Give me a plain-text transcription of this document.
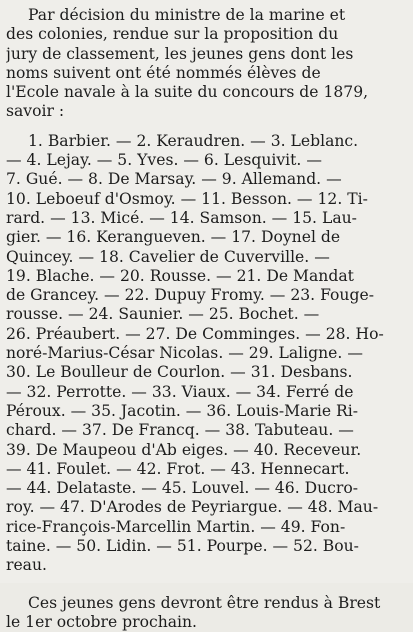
Par décision du ministre de la marine et
des colonies, rendue sur la proposition du
jury de classement, les jeunes gens dont les
noms suivent ont été nommés élèves de
l'Ecole navale à la suite du concours de 1879,
savoir :
1. Barbier. — 2. Keraudren. — 3. Leblanc.
— 4. Lejay. — 5. Yves. — 6. Lesquivit. —
7. Gué. — 8. De Marsay. — 9. Allemand. —
10. Leboeuf d'Osmoy. — 11. Besson. — 12. Ti-
rard. — 13. Micé. — 14. Samson. — 15. Lau-
gier. — 16. Kerangueven. — 17. Doynel de
Quincey. — 18. Cavelier de Cuverville. —
19. Blache. — 20. Rousse. — 21. De Mandat
de Grancey. — 22. Dupuy Fromy. — 23. Fouge-
rousse. — 24. Saunier. — 25. Bochet. —
26. Préaubert. — 27. De Comminges. — 28. Ho-
noré-Marius-César Nicolas. — 29. Laligne. —
30. Le Boulleur de Courlon. — 31. Desbans.
— 32. Perrotte. — 33. Viaux. — 34. Ferré de
Péroux. — 35. Jacotin. — 36. Louis-Marie Ri-
chard. — 37. De Francq. — 38. Tabuteau. —
39. De Maupeou d'Ab eiges. — 40. Receveur.
— 41. Foulet. — 42. Frot. — 43. Hennecart.
— 44. Delataste. — 45. Louvel. — 46. Ducro-
roy. — 47. D'Arodes de Peyriargue. — 48. Mau-
rice-François-Marcellin Martin. — 49. Fon-
taine. — 50. Lidin. — 51. Pourpe. — 52. Bou-
reau.
Ces jeunes gens devront être rendus à Brest
le 1er octobre prochain.
